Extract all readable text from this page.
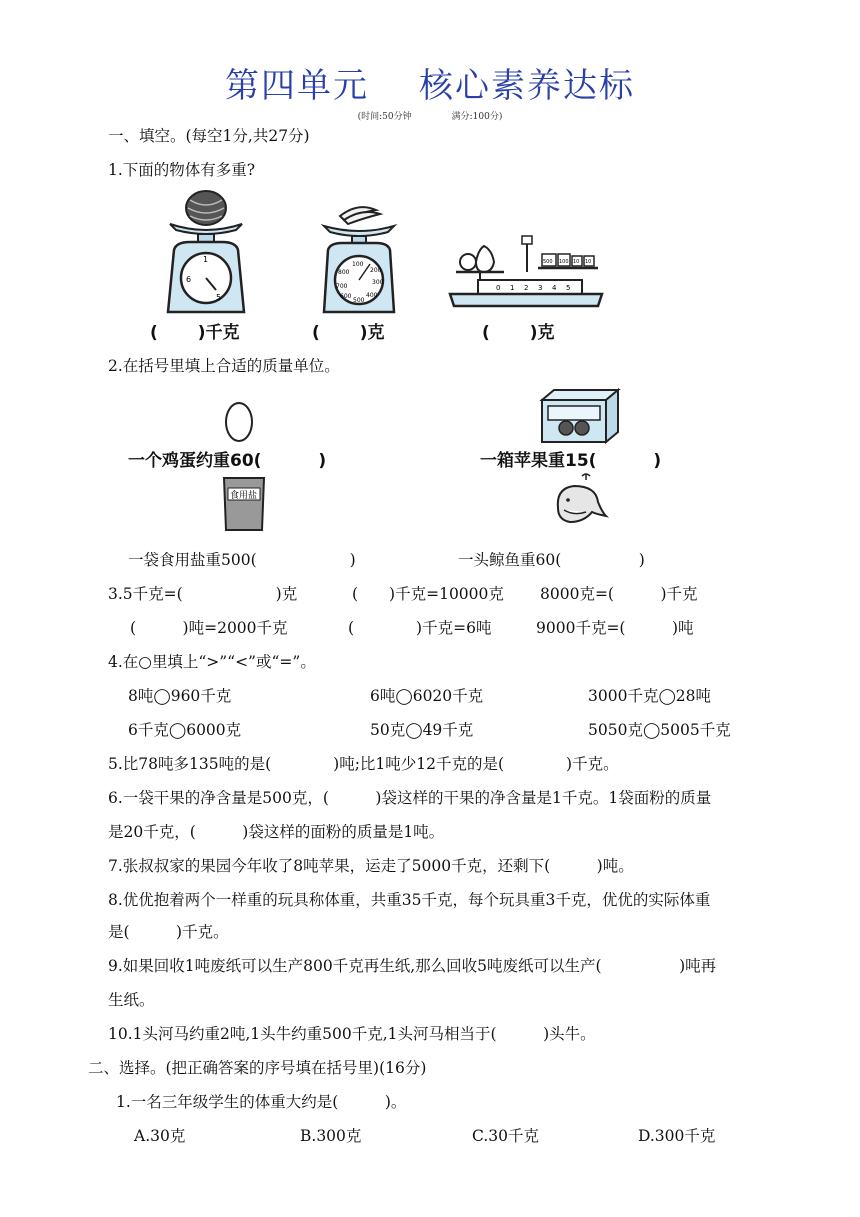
第四单元 核心素养达标
(时间:50分钟	满分:100分)
一、填空。(每空1分,共27分)
1.下面的物体有多重?
1
6
5
(　 　)千克
100
200
800
300
700
600
500
400
(　 　)克
500 100 10 10
0 1 2 3 4 5
(　 　)克
2.在括号里填上合适的质量单位。
一个鸡蛋约重60(　 　　)	一箱苹果重15(　 　　)
食用盐
一袋食用盐重500(　　　　　　)	一头鲸鱼重60(　　　　　)
3.5千克=(　　　　　　)克	(　　)千克=10000克 8000克=(　　　)千克
(　　　)吨=2000千克	(　　　　)千克=6吨	9000千克=(　　　)吨
4.在○里填上“>”“<”或“=”。
8吨◯960千克	6吨◯6020千克	3000千克◯28吨
6千克◯6000克	50克◯49千克	5050克◯5005千克
5.比78吨多135吨的是(　　　　)吨;比1吨少12千克的是(　　　　)千克。
6.一袋干果的净含量是500克，(　　　)袋这样的干果的净含量是1千克。1袋面粉的质量
是20千克，(　　　)袋这样的面粉的质量是1吨。
7.张叔叔家的果园今年收了8吨苹果，运走了5000千克，还剩下(　　　)吨。
8.优优抱着两个一样重的玩具称体重，共重35千克，每个玩具重3千克，优优的实际体重
是(　　　)千克。
9.如果回收1吨废纸可以生产800千克再生纸,那么回收5吨废纸可以生产(　　　　　)吨再
生纸。
10.1头河马约重2吨,1头牛约重500千克,1头河马相当于(　　　)头牛。
二、选择。(把正确答案的序号填在括号里)(16分)
1.一名三年级学生的体重大约是(　　　)。
A.30克	B.300克	C.30千克	D.300千克
